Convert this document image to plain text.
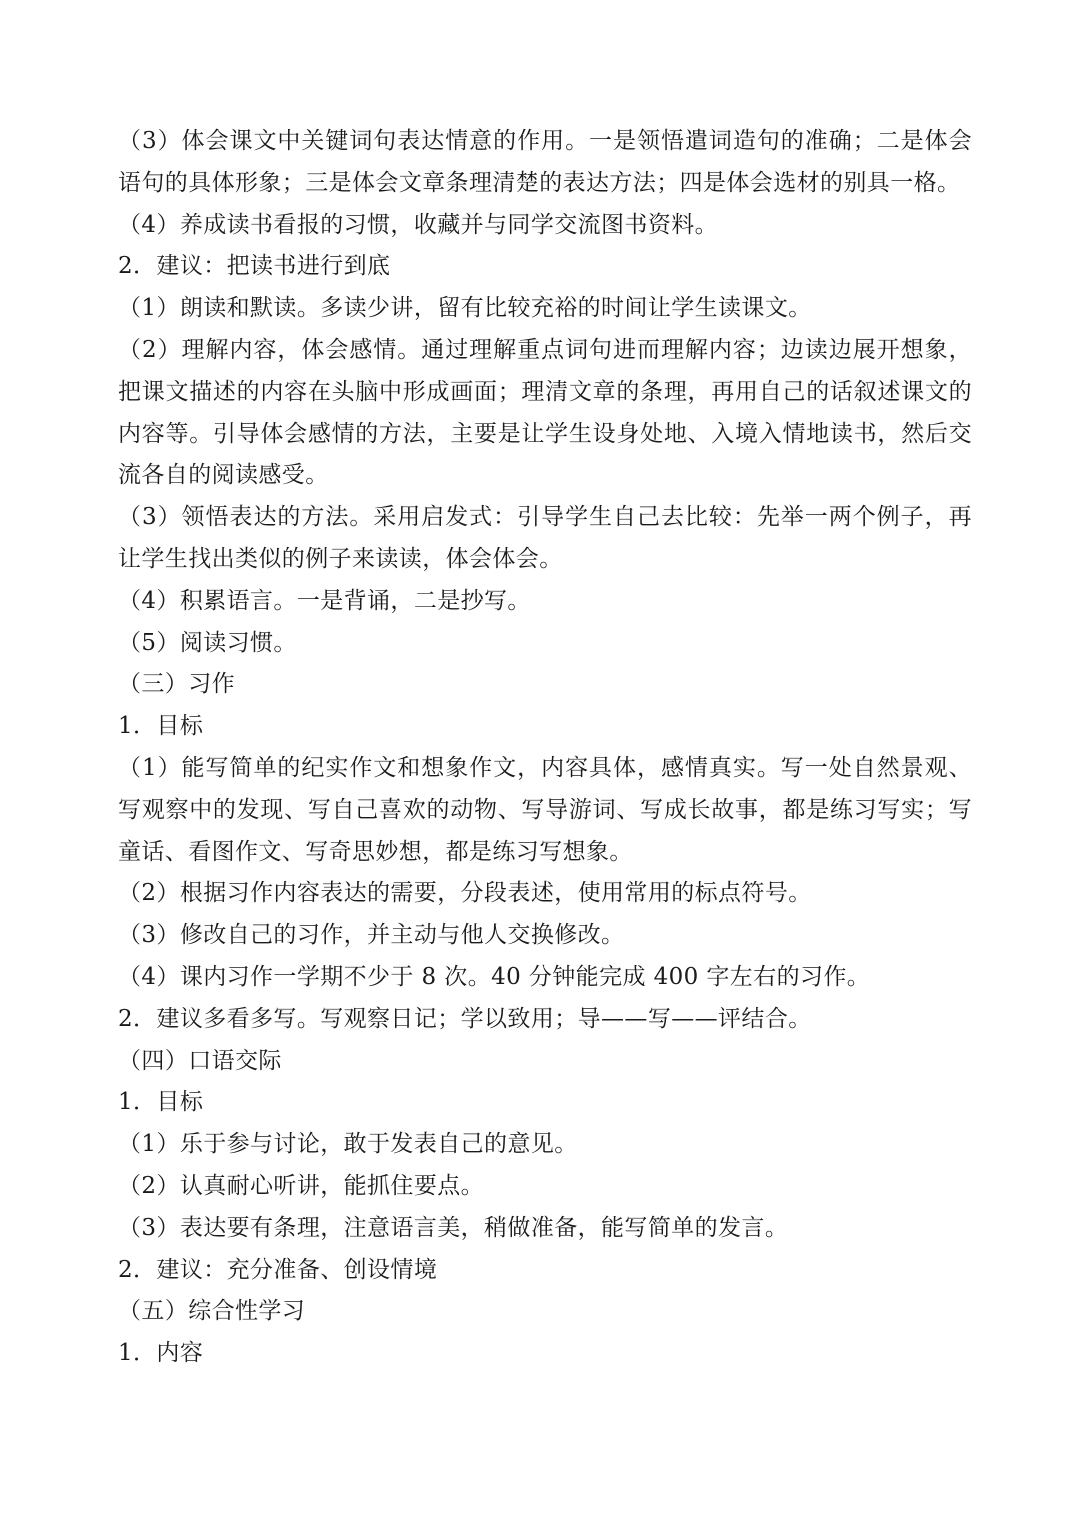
（3）体会课文中关键词句表达情意的作用。一是领悟遣词造句的准确；二是体会语句的具体形象；三是体会文章条理清楚的表达方法；四是体会选材的别具一格。

（4）养成读书看报的习惯，收藏并与同学交流图书资料。

2．建议：把读书进行到底

（1）朗读和默读。多读少讲，留有比较充裕的时间让学生读课文。

（2）理解内容，体会感情。通过理解重点词句进而理解内容；边读边展开想象，把课文描述的内容在头脑中形成画面；理清文章的条理，再用自己的话叙述课文的内容等。引导体会感情的方法，主要是让学生设身处地、入境入情地读书，然后交流各自的阅读感受。

（3）领悟表达的方法。采用启发式：引导学生自己去比较：先举一两个例子，再让学生找出类似的例子来读读，体会体会。

（4）积累语言。一是背诵，二是抄写。

（5）阅读习惯。

（三）习作

1．目标

（1）能写简单的纪实作文和想象作文，内容具体，感情真实。写一处自然景观、写观察中的发现、写自己喜欢的动物、写导游词、写成长故事，都是练习写实；写童话、看图作文、写奇思妙想，都是练习写想象。

（2）根据习作内容表达的需要，分段表述，使用常用的标点符号。

（3）修改自己的习作，并主动与他人交换修改。

（4）课内习作一学期不少于 8 次。40 分钟能完成 400 字左右的习作。

2．建议多看多写。写观察日记；学以致用；导——写——评结合。

（四）口语交际

1．目标

（1）乐于参与讨论，敢于发表自己的意见。

（2）认真耐心听讲，能抓住要点。

（3）表达要有条理，注意语言美，稍做准备，能写简单的发言。

2．建议：充分准备、创设情境

（五）综合性学习

1．内容
